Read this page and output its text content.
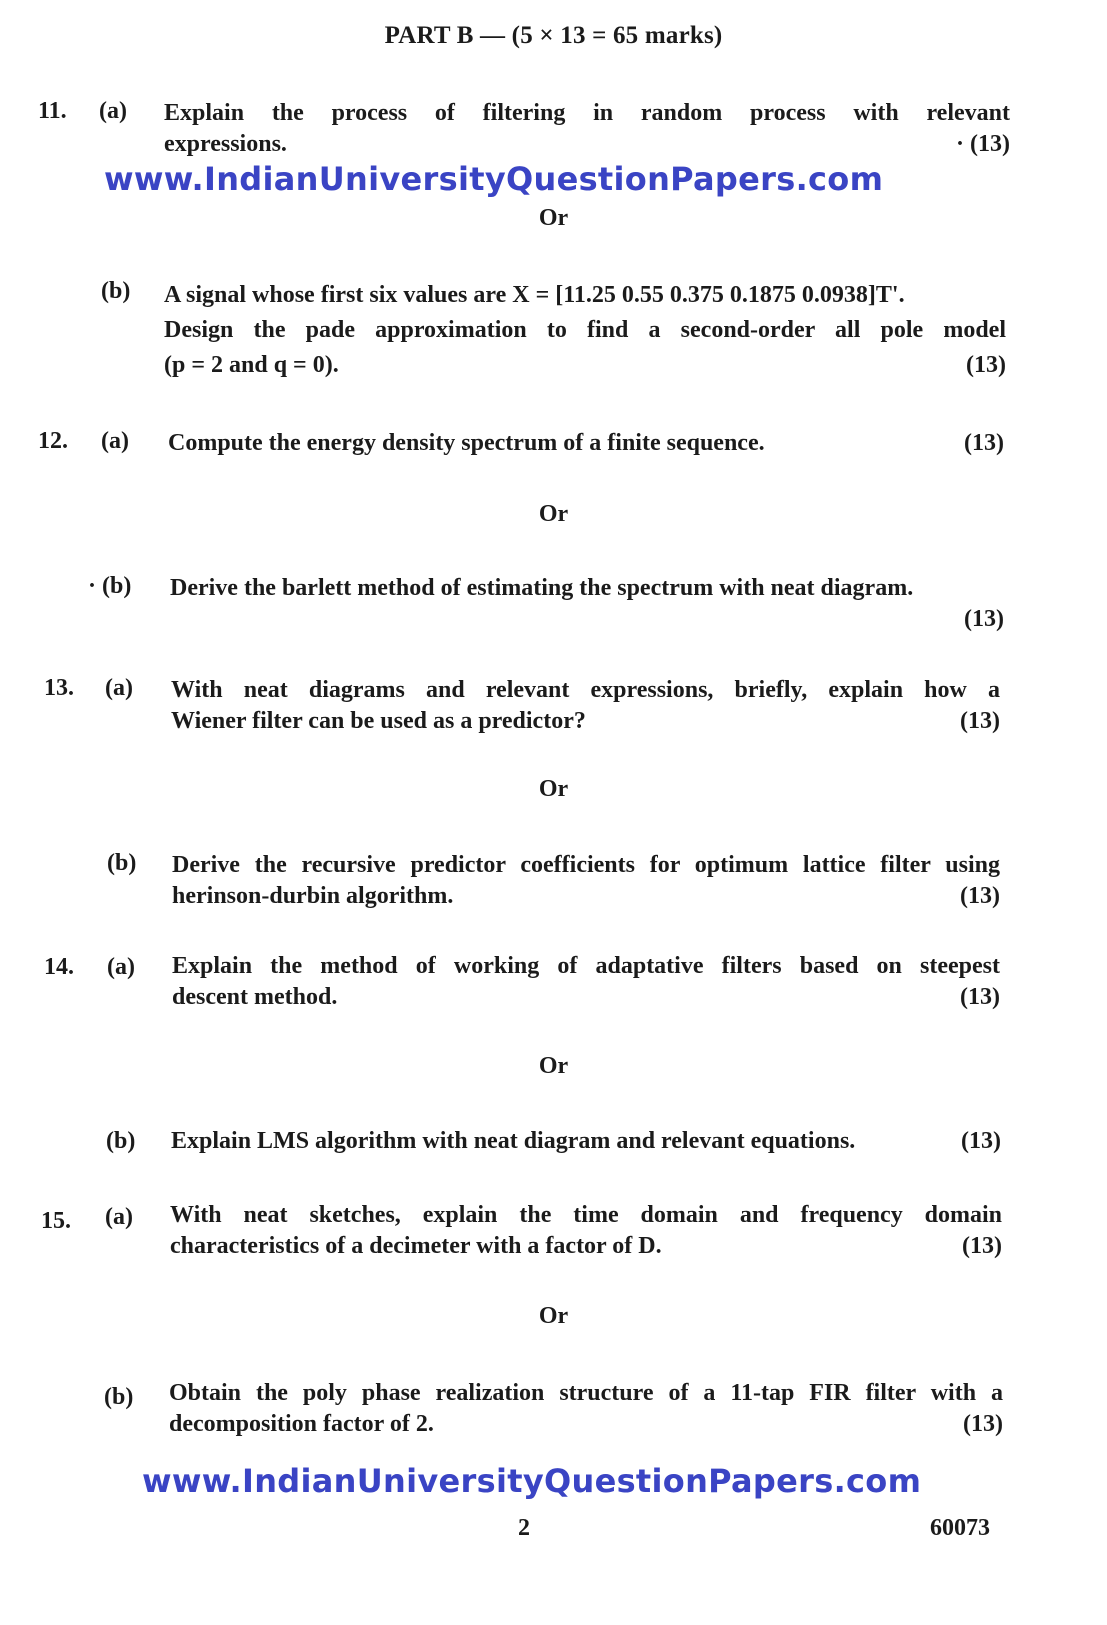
PART B — (5 × 13 = 65 marks)
11. (a) Explain the process of filtering in random process with relevant
expressions.	· (13)
www.IndianUniversityQuestionPapers.com
Or
(b) A signal whose first six values are X = [11.25 0.55 0.375 0.1875 0.0938]T'.
Design the pade approximation to find a second-order all pole model
(p = 2 and q = 0).	(13)
12. (a) Compute the energy density spectrum of a finite sequence.	(13)
Or
· (b) Derive the barlett method of estimating the spectrum with neat diagram.
(13)
13. (a) With neat diagrams and relevant expressions, briefly, explain how a
Wiener filter can be used as a predictor?	(13)
Or
(b) Derive the recursive predictor coefficients for optimum lattice filter using
herinson-durbin algorithm.	(13)
14. (a) Explain the method of working of adaptative filters based on steepest
descent method.	(13)
Or
(b) Explain LMS algorithm with neat diagram and relevant equations.	(13)
15. (a) With neat sketches, explain the time domain and frequency domain
characteristics of a decimeter with a factor of D.	(13)
Or
(b) Obtain the poly phase realization structure of a 11-tap FIR filter with a
decomposition factor of 2.	(13)
www.IndianUniversityQuestionPapers.com
2	60073
